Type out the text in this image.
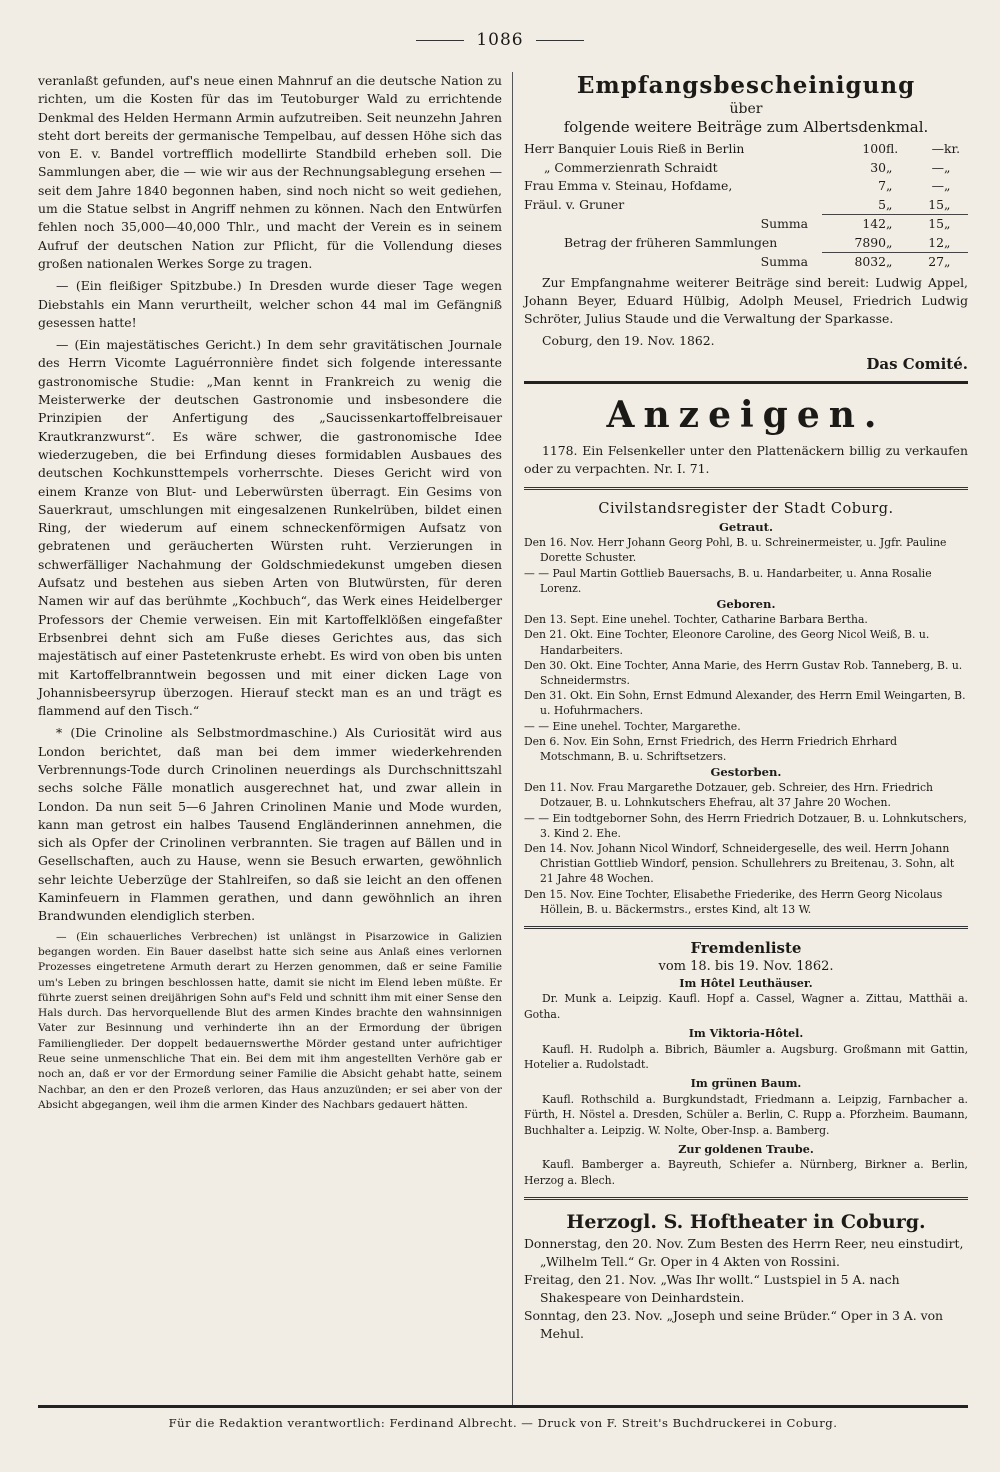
1086

veranlaßt gefunden, auf's neue einen Mahnruf an die deutsche Nation zu richten, um die Kosten für das im Teutoburger Wald zu errichtende Denkmal des Helden Hermann Armin aufzutreiben. Seit neunzehn Jahren steht dort bereits der germanische Tempelbau, auf dessen Höhe sich das von E. v. Bandel vortrefflich modellirte Standbild erheben soll. Die Sammlungen aber, die — wie wir aus der Rechnungsablegung ersehen — seit dem Jahre 1840 begonnen haben, sind noch nicht so weit gediehen, um die Statue selbst in Angriff nehmen zu können. Nach den Entwürfen fehlen noch 35,000—40,000 Thlr., und macht der Verein es in seinem Aufruf der deutschen Nation zur Pflicht, für die Vollendung dieses großen nationalen Werkes Sorge zu tragen.

— (Ein fleißiger Spitzbube.) In Dresden wurde dieser Tage wegen Diebstahls ein Mann verurtheilt, welcher schon 44 mal im Gefängniß gesessen hatte!

— (Ein majestätisches Gericht.) In dem sehr gravitätischen Journale des Herrn Vicomte Laguérronnière findet sich folgende interessante gastronomische Studie: „Man kennt in Frankreich zu wenig die Meisterwerke der deutschen Gastronomie und insbesondere die Prinzipien der Anfertigung des „Saucissenkartoffelbreisauer Krautkranzwurst“. Es wäre schwer, die gastronomische Idee wiederzugeben, die bei Erfindung dieses formidablen Ausbaues des deutschen Kochkunsttempels vorherrschte. Dieses Gericht wird von einem Kranze von Blut- und Leberwürsten überragt. Ein Gesims von Sauerkraut, umschlungen mit eingesalzenen Runkelrüben, bildet einen Ring, der wiederum auf einem schneckenförmigen Aufsatz von gebratenen und geräucherten Würsten ruht. Verzierungen in schwerfälliger Nachahmung der Goldschmiedekunst umgeben diesen Aufsatz und bestehen aus sieben Arten von Blutwürsten, für deren Namen wir auf das berühmte „Kochbuch“, das Werk eines Heidelberger Professors der Chemie verweisen. Ein mit Kartoffelklößen eingefaßter Erbsenbrei dehnt sich am Fuße dieses Gerichtes aus, das sich majestätisch auf einer Pastetenkruste erhebt. Es wird von oben bis unten mit Kartoffelbranntwein begossen und mit einer dicken Lage von Johannisbeersyrup überzogen. Hierauf steckt man es an und trägt es flammend auf den Tisch.“

* (Die Crinoline als Selbstmordmaschine.) Als Curiosität wird aus London berichtet, daß man bei dem immer wiederkehrenden Verbrennungs-Tode durch Crinolinen neuerdings als Durchschnittszahl sechs solche Fälle monatlich ausgerechnet hat, und zwar allein in London. Da nun seit 5—6 Jahren Crinolinen Manie und Mode wurden, kann man getrost ein halbes Tausend Engländerinnen annehmen, die sich als Opfer der Crinolinen verbrannten. Sie tragen auf Bällen und in Gesellschaften, auch zu Hause, wenn sie Besuch erwarten, gewöhnlich sehr leichte Ueberzüge der Stahlreifen, so daß sie leicht an den offenen Kaminfeuern in Flammen gerathen, und dann gewöhnlich an ihren Brandwunden elendiglich sterben.

— (Ein schauerliches Verbrechen) ist unlängst in Pisarzowice in Galizien begangen worden. Ein Bauer daselbst hatte sich seine aus Anlaß eines verlornen Prozesses eingetretene Armuth derart zu Herzen genommen, daß er seine Familie um's Leben zu bringen beschlossen hatte, damit sie nicht im Elend leben müßte. Er führte zuerst seinen dreijährigen Sohn auf's Feld und schnitt ihm mit einer Sense den Hals durch. Das hervorquellende Blut des armen Kindes brachte den wahnsinnigen Vater zur Besinnung und verhinderte ihn an der Ermordung der übrigen Familienglieder. Der doppelt bedauernswerthe Mörder gestand unter aufrichtiger Reue seine unmenschliche That ein. Bei dem mit ihm angestellten Verhöre gab er noch an, daß er vor der Ermordung seiner Familie die Absicht gehabt hatte, seinem Nachbar, an den er den Prozeß verloren, das Haus anzuzünden; er sei aber von der Absicht abgegangen, weil ihm die armen Kinder des Nachbars gedauert hätten.

Empfangsbescheinigung
über
folgende weitere Beiträge zum Albertsdenkmal.
Herr Banquier Louis Rieß in Berlin	100	fl.	—	kr.
„ Commerzienrath Schraidt	30	„	—	„
Frau Emma v. Steinau, Hofdame,	7	„	—	„
Fräul. v. Gruner	5	„	15	„
Summa	142	„	15	„
Betrag der früheren Sammlungen	7890	„	12	„
Summa	8032	„	27	„

Zur Empfangnahme weiterer Beiträge sind bereit: Ludwig Appel, Johann Beyer, Eduard Hülbig, Adolph Meusel, Friedrich Ludwig Schröter, Julius Staude und die Verwaltung der Sparkasse.

Coburg, den 19. Nov. 1862.

Das Comité.
Anzeigen.

1178. Ein Felsenkeller unter den Plattenäckern billig zu verkaufen oder zu verpachten. Nr. I. 71.

Civilstandsregister der Stadt Coburg.
Getraut.
Den 16. Nov. Herr Johann Georg Pohl, B. u. Schreinermeister, u. Jgfr. Pauline Dorette Schuster.
— — Paul Martin Gottlieb Bauersachs, B. u. Handarbeiter, u. Anna Rosalie Lorenz.
Geboren.
Den 13. Sept. Eine unehel. Tochter, Catharine Barbara Bertha.
Den 21. Okt. Eine Tochter, Eleonore Caroline, des Georg Nicol Weiß, B. u. Handarbeiters.
Den 30. Okt. Eine Tochter, Anna Marie, des Herrn Gustav Rob. Tanneberg, B. u. Schneidermstrs.
Den 31. Okt. Ein Sohn, Ernst Edmund Alexander, des Herrn Emil Weingarten, B. u. Hofuhrmachers.
— — Eine unehel. Tochter, Margarethe.
Den 6. Nov. Ein Sohn, Ernst Friedrich, des Herrn Friedrich Ehrhard Motschmann, B. u. Schriftsetzers.
Gestorben.
Den 11. Nov. Frau Margarethe Dotzauer, geb. Schreier, des Hrn. Friedrich Dotzauer, B. u. Lohnkutschers Ehefrau, alt 37 Jahre 20 Wochen.
— — Ein todtgeborner Sohn, des Herrn Friedrich Dotzauer, B. u. Lohnkutschers, 3. Kind 2. Ehe.
Den 14. Nov. Johann Nicol Windorf, Schneidergeselle, des weil. Herrn Johann Christian Gottlieb Windorf, pension. Schullehrers zu Breitenau, 3. Sohn, alt 21 Jahre 48 Wochen.
Den 15. Nov. Eine Tochter, Elisabethe Friederike, des Herrn Georg Nicolaus Höllein, B. u. Bäckermstrs., erstes Kind, alt 13 W.
Fremdenliste
vom 18. bis 19. Nov. 1862.
Im Hôtel Leuthäuser.

Dr. Munk a. Leipzig. Kaufl. Hopf a. Cassel, Wagner a. Zittau, Matthäi a. Gotha.

Im Viktoria-Hôtel.

Kaufl. H. Rudolph a. Bibrich, Bäumler a. Augsburg. Großmann mit Gattin, Hotelier a. Rudolstadt.

Im grünen Baum.

Kaufl. Rothschild a. Burgkundstadt, Friedmann a. Leipzig, Farnbacher a. Fürth, H. Nöstel a. Dresden, Schüler a. Berlin, C. Rupp a. Pforzheim. Baumann, Buchhalter a. Leipzig. W. Nolte, Ober-Insp. a. Bamberg.

Zur goldenen Traube.

Kaufl. Bamberger a. Bayreuth, Schiefer a. Nürnberg, Birkner a. Berlin, Herzog a. Blech.

Herzogl. S. Hoftheater in Coburg.
Donnerstag, den 20. Nov. Zum Besten des Herrn Reer, neu einstudirt, „Wilhelm Tell.“ Gr. Oper in 4 Akten von Rossini.
Freitag, den 21. Nov. „Was Ihr wollt.“ Lustspiel in 5 A. nach Shakespeare von Deinhardstein.
Sonntag, den 23. Nov. „Joseph und seine Brüder.“ Oper in 3 A. von Mehul.
Für die Redaktion verantwortlich: Ferdinand Albrecht. — Druck von F. Streit's Buchdruckerei in Coburg.
